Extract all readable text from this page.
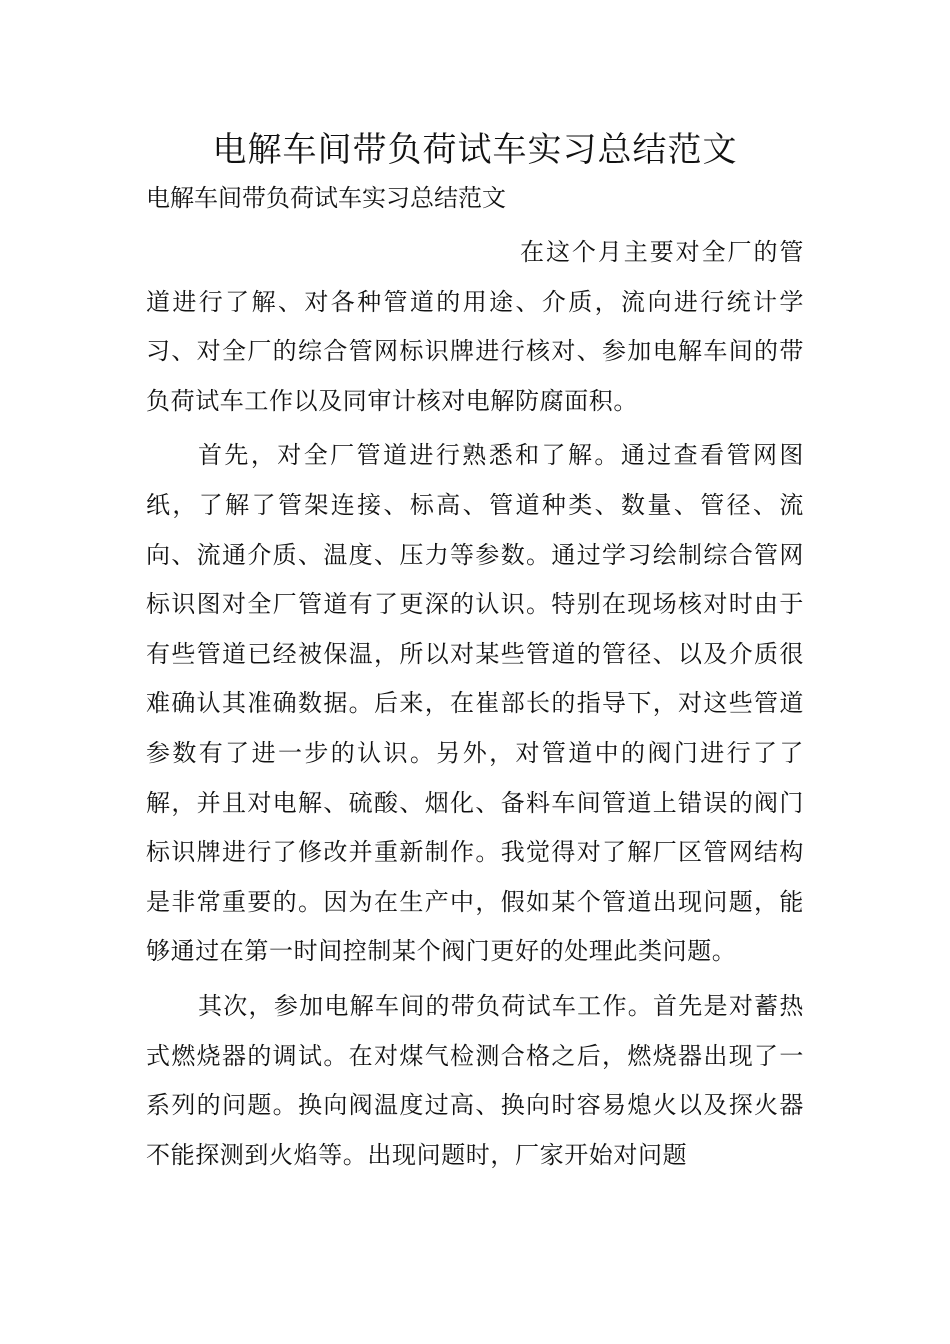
电解车间带负荷试车实习总结范文

电解车间带负荷试车实习总结范文

在这个月主要对全厂的管道进行了解、对各种管道的用途、介质，流向进行统计学习、对全厂的综合管网标识牌进行核对、参加电解车间的带负荷试车工作以及同审计核对电解防腐面积。

首先，对全厂管道进行熟悉和了解。通过查看管网图纸，了解了管架连接、标高、管道种类、数量、管径、流向、流通介质、温度、压力等参数。通过学习绘制综合管网标识图对全厂管道有了更深的认识。特别在现场核对时由于有些管道已经被保温，所以对某些管道的管径、以及介质很难确认其准确数据。后来，在崔部长的指导下，对这些管道参数有了进一步的认识。另外，对管道中的阀门进行了了解，并且对电解、硫酸、烟化、备料车间管道上错误的阀门标识牌进行了修改并重新制作。我觉得对了解厂区管网结构是非常重要的。因为在生产中，假如某个管道出现问题，能够通过在第一时间控制某个阀门更好的处理此类问题。

其次，参加电解车间的带负荷试车工作。首先是对蓄热式燃烧器的调试。在对煤气检测合格之后，燃烧器出现了一系列的问题。换向阀温度过高、换向时容易熄火以及探火器不能探测到火焰等。出现问题时，厂家开始对问题
